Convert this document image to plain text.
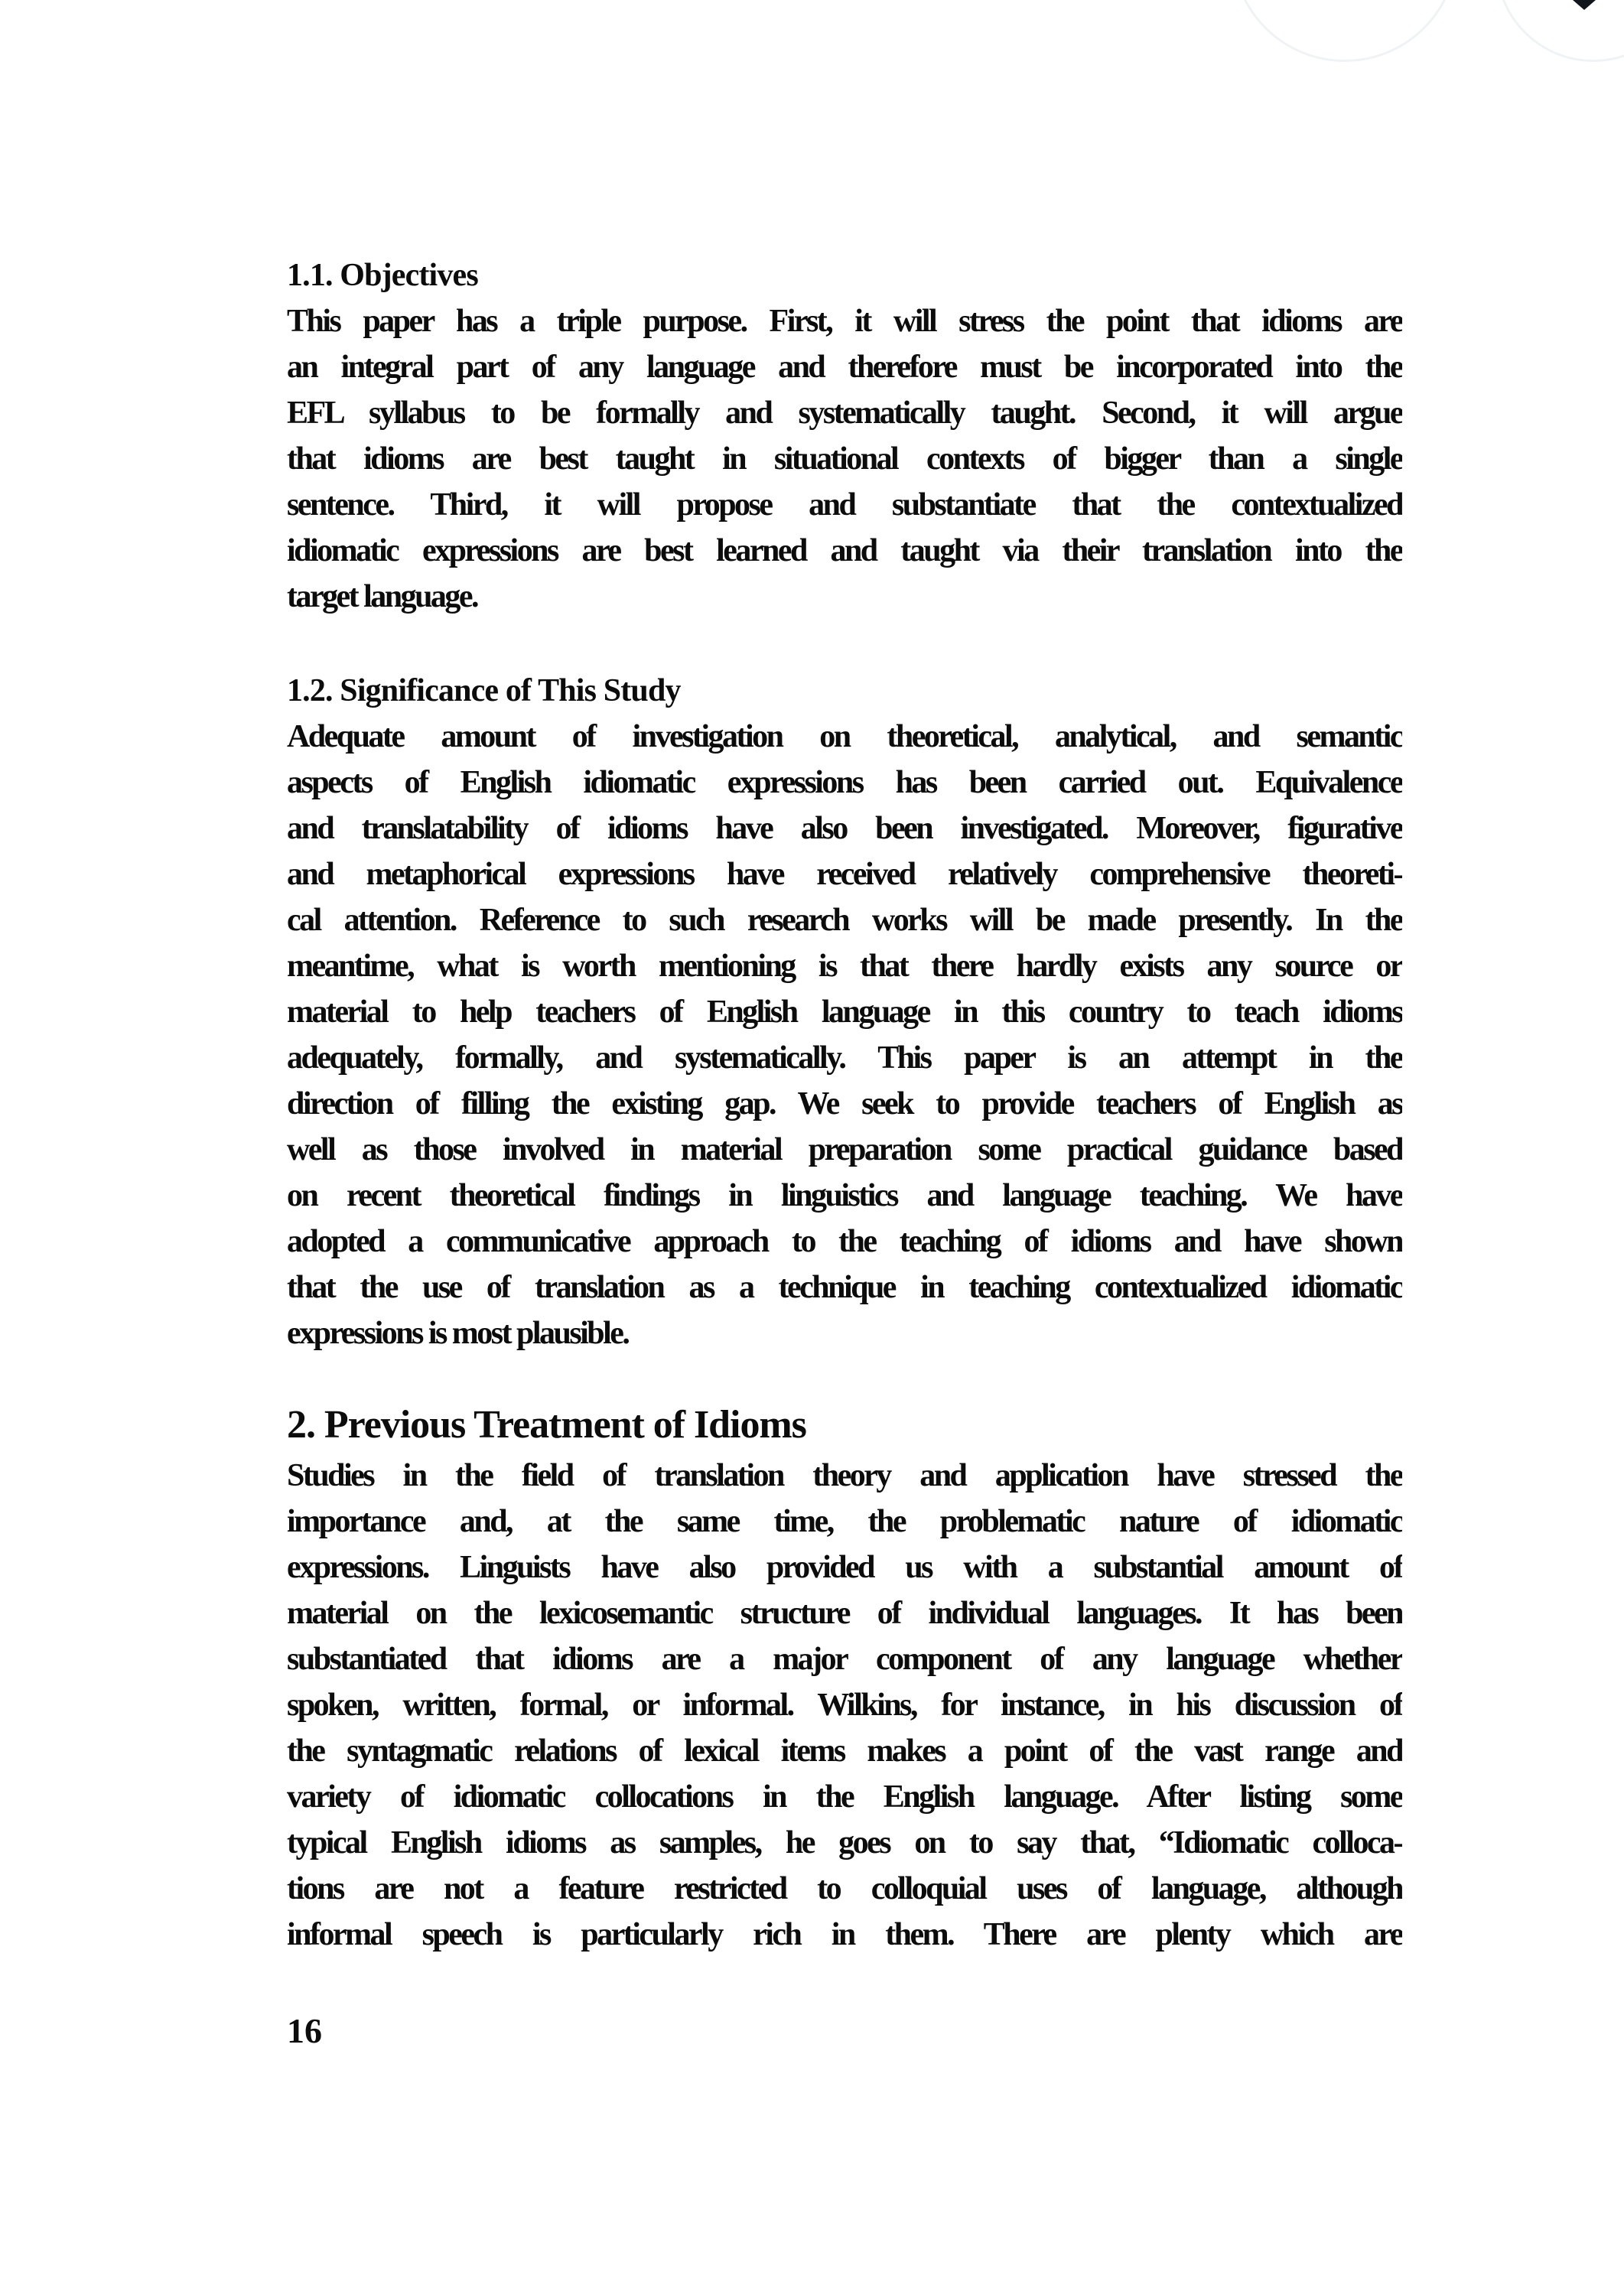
1.1. Objectives
This paper has a triple purpose. First, it will stress the point that idioms are
an integral part of any language and therefore must be incorporated into the
EFL syllabus to be formally and systematically taught. Second, it will argue
that idioms are best taught in situational contexts of bigger than a single
sentence. Third, it will propose and substantiate that the contextualized
idiomatic expressions are best learned and taught via their translation into the
target language.
1.2. Significance of This Study
Adequate amount of investigation on theoretical, analytical, and semantic
aspects of English idiomatic expressions has been carried out. Equivalence
and translatability of idioms have also been investigated. Moreover, figurative
and metaphorical expressions have received relatively comprehensive theoreti-
cal attention. Reference to such research works will be made presently. In the
meantime, what is worth mentioning is that there hardly exists any source or
material to help teachers of English language in this country to teach idioms
adequately, formally, and systematically. This paper is an attempt in the
direction of filling the existing gap. We seek to provide teachers of English as
well as those involved in material preparation some practical guidance based
on recent theoretical findings in linguistics and language teaching. We have
adopted a communicative approach to the teaching of idioms and have shown
that the use of translation as a technique in teaching contextualized idiomatic
expressions is most plausible.
2. Previous Treatment of Idioms
Studies in the field of translation theory and application have stressed the
importance and, at the same time, the problematic nature of idiomatic
expressions. Linguists have also provided us with a substantial amount of
material on the lexicosemantic structure of individual languages. It has been
substantiated that idioms are a major component of any language whether
spoken, written, formal, or informal. Wilkins, for instance, in his discussion of
the syntagmatic relations of lexical items makes a point of the vast range and
variety of idiomatic collocations in the English language. After listing some
typical English idioms as samples, he goes on to say that, “Idiomatic colloca-
tions are not a feature restricted to colloquial uses of language, although
informal speech is particularly rich in them. There are plenty which are
16
